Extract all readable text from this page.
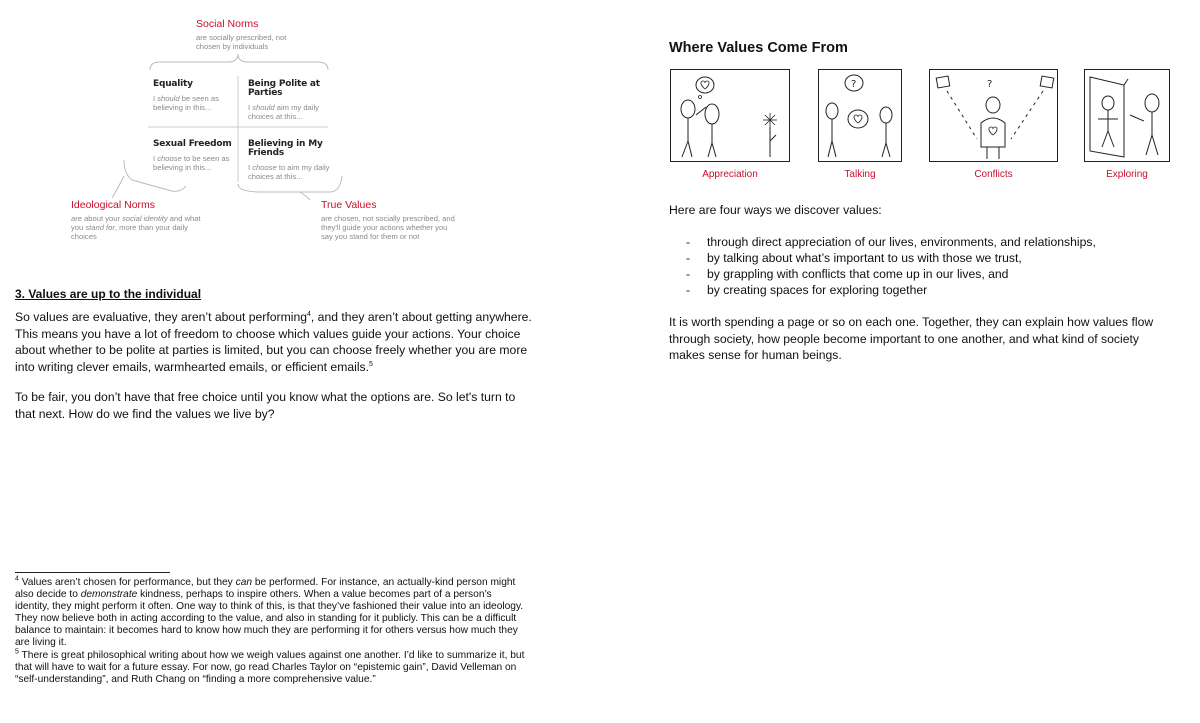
Social Norms
are socially prescribed, not chosen by individuals
Equality
I should be seen as believing in this...
Being Polite at Parties
I should aim my daily choices at this...
Sexual Freedom
I choose to be seen as believing in this...
Believing in My Friends
I choose to aim my daily choices at this...
Ideological Norms
are about your social identity and what you stand for, more than your daily choices
True Values
are chosen, not socially prescribed, and they'll guide your actions whether you say you stand for them or not
3. Values are up to the individual
So values are evaluative, they aren’t about performing$^4$, and they aren’t about getting anywhere. This means you have a lot of freedom to choose which values guide your actions. Your choice about whether to be polite at parties is limited, but you can choose freely whether you are more into writing clever emails, warmhearted emails, or efficient emails.$^5$
To be fair, you don’t have that free choice until you know what the options are. So let's turn to that next. How do we find the values we live by?

$^4$ Values aren’t chosen for performance, but they can be performed. For instance, an actually-kind person might also decide to demonstrate kindness, perhaps to inspire others. When a value becomes part of a person’s identity, they might perform it often. One way to think of this, is that they’ve fashioned their value into an ideology. They now believe both in acting according to the value, and also in standing for it publicly. This can be a difficult balance to maintain: it becomes hard to know how much they are performing it for others versus how much they are living it.

$^5$ There is great philosophical writing about how we weigh values against one another. I’d like to summarize it, but that will have to wait for a future essay. For now, go read Charles Taylor on “epistemic gain”, David Velleman on “self-understanding”, and Ruth Chang on “finding a more comprehensive value.”

Where Values Come From
?	?
Appreciation	Talking	Conflicts	Exploring
Here are four ways we discover values:
- through direct appreciation of our lives, environments, and relationships,
- by talking about what’s important to us with those we trust,
- by grappling with conflicts that come up in our lives, and
- by creating spaces for exploring together
It is worth spending a page or so on each one. Together, they can explain how values flow through society, how people become important to one another, and what kind of society makes sense for human beings.
